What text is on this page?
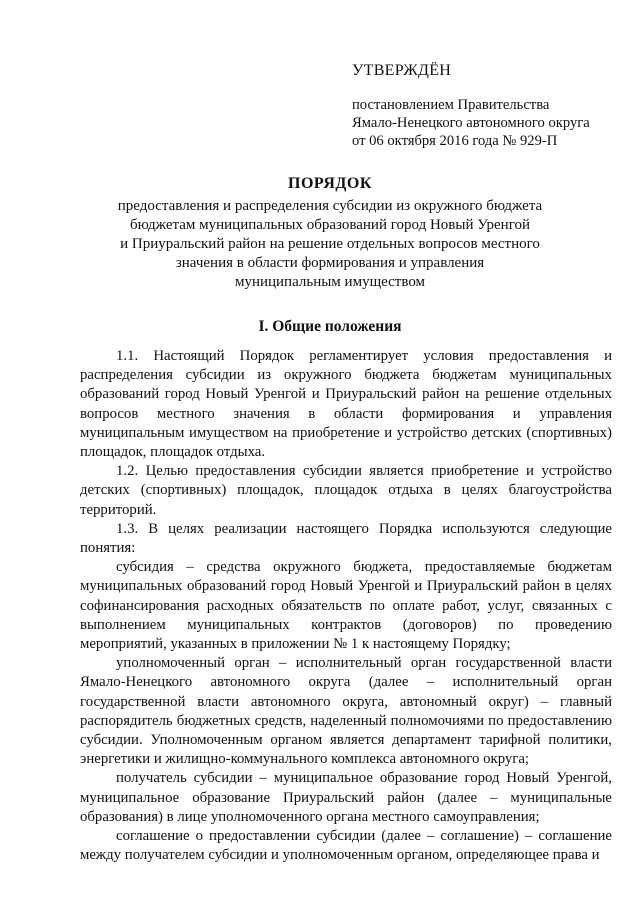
УТВЕРЖДЁН
постановлением Правительства
Ямало-Ненецкого автономного округа
от 06 октября 2016 года № 929-П
ПОРЯДОК
предоставления и распределения субсидии из окружного бюджета
бюджетам муниципальных образований город Новый Уренгой
и Приуральский район на решение отдельных вопросов местного
значения в области формирования и управления
муниципальным имуществом
I. Общие положения

1.1. Настоящий Порядок регламентирует условия предоставления и распределения субсидии из окружного бюджета бюджетам муниципальных образований город Новый Уренгой и Приуральский район на решение отдельных вопросов местного значения в области формирования и управления муниципальным имуществом на приобретение и устройство детских (спортивных) площадок, площадок отдыха.

1.2. Целью предоставления субсидии является приобретение и устройство детских (спортивных) площадок, площадок отдыха в целях благоустройства территорий.

1.3. В целях реализации настоящего Порядка используются следующие понятия:

субсидия – средства окружного бюджета, предоставляемые бюджетам муниципальных образований город Новый Уренгой и Приуральский район в целях софинансирования расходных обязательств по оплате работ, услуг, связанных с выполнением муниципальных контрактов (договоров) по проведению мероприятий, указанных в приложении № 1 к настоящему Порядку;

уполномоченный орган – исполнительный орган государственной власти Ямало-Ненецкого автономного округа (далее – исполнительный орган государственной власти автономного округа, автономный округ) – главный распорядитель бюджетных средств, наделенный полномочиями по предоставлению субсидии. Уполномоченным органом является департамент тарифной политики, энергетики и жилищно-коммунального комплекса автономного округа;

получатель субсидии – муниципальное образование город Новый Уренгой, муниципальное образование Приуральский район (далее – муниципальные образования) в лице уполномоченного органа местного самоуправления;

соглашение о предоставлении субсидии (далее – соглашение) – соглашение между получателем субсидии и уполномоченным органом, определяющее права и
